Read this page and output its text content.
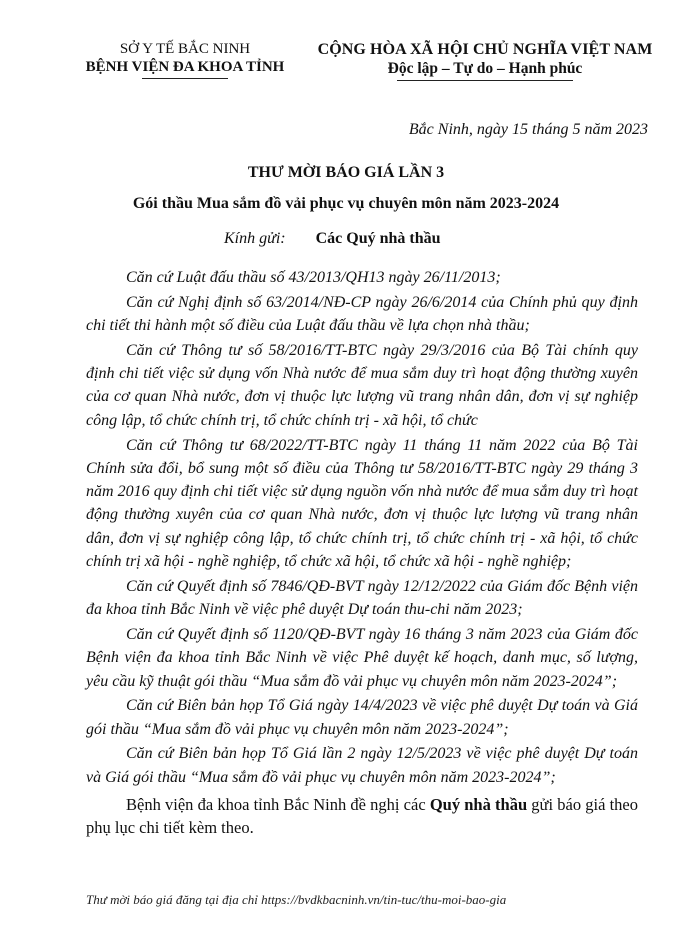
SỞ Y TẾ BẮC NINH
BỆNH VIỆN ĐA KHOA TỈNH
CỘNG HÒA XÃ HỘI CHỦ NGHĨA VIỆT NAM
Độc lập – Tự do – Hạnh phúc
Bắc Ninh, ngày 15 tháng 5 năm 2023
THƯ MỜI BÁO GIÁ LẦN 3
Gói thầu Mua sắm đồ vải phục vụ chuyên môn năm 2023-2024
Kính gửi: Các Quý nhà thầu

Căn cứ Luật đấu thầu số 43/2013/QH13 ngày 26/11/2013;

Căn cứ Nghị định số 63/2014/NĐ-CP ngày 26/6/2014 của Chính phủ quy định chi tiết thi hành một số điều của Luật đấu thầu về lựa chọn nhà thầu;

Căn cứ Thông tư số 58/2016/TT-BTC ngày 29/3/2016 của Bộ Tài chính quy định chi tiết việc sử dụng vốn Nhà nước để mua sắm duy trì hoạt động thường xuyên của cơ quan Nhà nước, đơn vị thuộc lực lượng vũ trang nhân dân, đơn vị sự nghiệp công lập, tổ chức chính trị, tổ chức chính trị - xã hội, tổ chức

Căn cứ Thông tư 68/2022/TT-BTC ngày 11 tháng 11 năm 2022 của Bộ Tài Chính sửa đổi, bổ sung một số điều của Thông tư 58/2016/TT-BTC ngày 29 tháng 3 năm 2016 quy định chi tiết việc sử dụng nguồn vốn nhà nước để mua sắm duy trì hoạt động thường xuyên của cơ quan Nhà nước, đơn vị thuộc lực lượng vũ trang nhân dân, đơn vị sự nghiệp công lập, tổ chức chính trị, tổ chức chính trị - xã hội, tổ chức chính trị xã hội - nghề nghiệp, tổ chức xã hội, tổ chức xã hội - nghề nghiệp;

Căn cứ Quyết định số 7846/QĐ-BVT ngày 12/12/2022 của Giám đốc Bệnh viện đa khoa tỉnh Bắc Ninh về việc phê duyệt Dự toán thu-chi năm 2023;

Căn cứ Quyết định số 1120/QĐ-BVT ngày 16 tháng 3 năm 2023 của Giám đốc Bệnh viện đa khoa tỉnh Bắc Ninh về việc Phê duyệt kế hoạch, danh mục, số lượng, yêu cầu kỹ thuật gói thầu “Mua sắm đồ vải phục vụ chuyên môn năm 2023-2024”;

Căn cứ Biên bản họp Tổ Giá ngày 14/4/2023 về việc phê duyệt Dự toán và Giá gói thầu “Mua sắm đồ vải phục vụ chuyên môn năm 2023-2024”;

Căn cứ Biên bản họp Tổ Giá lần 2 ngày 12/5/2023 về việc phê duyệt Dự toán và Giá gói thầu “Mua sắm đồ vải phục vụ chuyên môn năm 2023-2024”;

Bệnh viện đa khoa tỉnh Bắc Ninh đề nghị các Quý nhà thầu gửi báo giá theo phụ lục chi tiết kèm theo.

Thư mời báo giá đăng tại địa chỉ https://bvdkbacninh.vn/tin-tuc/thu-moi-bao-gia
